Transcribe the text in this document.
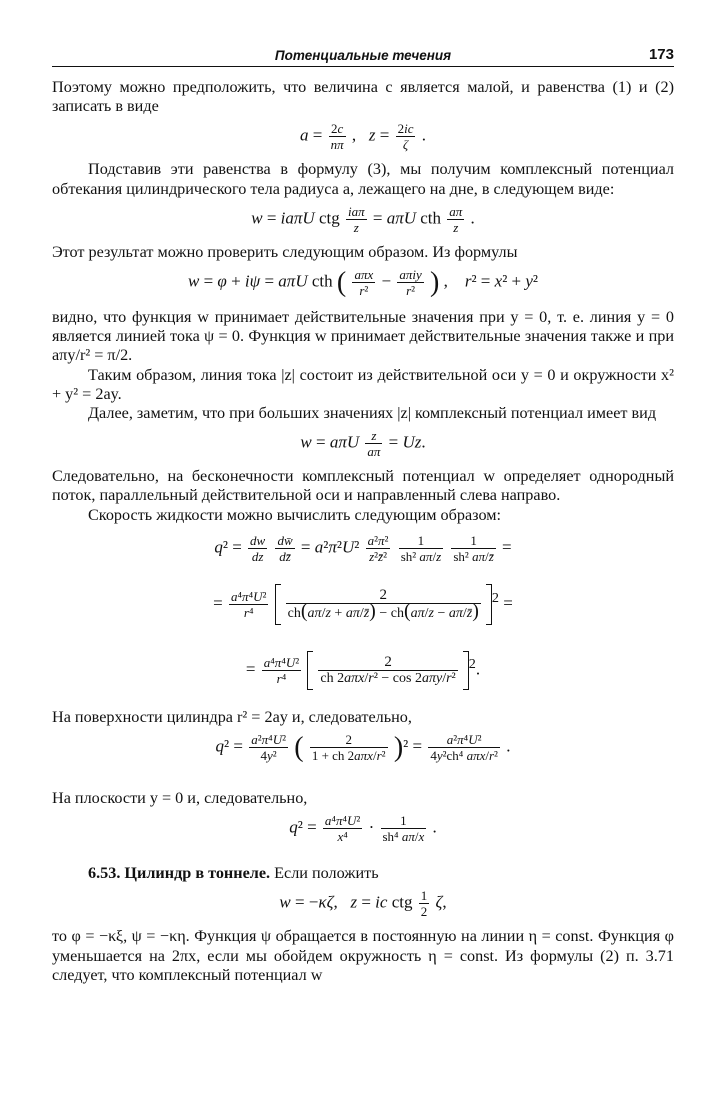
Потенциальные течения	173

Поэтому можно предположить, что величина c является малой, и равенства (1) и (2) записать в виде

$a = \frac{2c}{n\pi}$ ,   $z = \frac{2ic}{\zeta}$ .

Подставив эти равенства в формулу (3), мы получим комплексный потенциал обтекания цилиндрического тела радиуса a, лежащего на дне, в следующем виде:

w = iaπU ctg iaπ
z
= aπU cth $\frac{a\pi}{z}$ .

Этот результат можно проверить следующим образом. Из формулы

w = φ + iψ = aπU cth ( aπx
r²
− aπiy
r² ) ,    r² = x² + y²

видно, что функция w принимает действительные значения при y = 0, т. е. линия y = 0 является линией тока ψ = 0. Функция w принимает действительные значения также и при aπy/r² = π/2.

Таким образом, линия тока |z| состоит из действительной оси y = 0 и окружности x² + y² = 2ay.

Далее, заметим, что при больших значениях |z| комплексный потенциал имеет вид

w = aπU $\frac{z}{a\pi} = Uz$.

Следовательно, на бесконечности комплексный потенциал w определяет однородный поток, параллельный действительной оси и направленный слева направо.

Скорость жидкости можно вычислить следующим образом:

$q^2 = \frac{dw}{dz}$
$\frac{dw̄}{dz̄} = a^2\pi^2U^2 \frac{\text{a²π²}}{\text{z²z̄²}}$
$\frac{1}{\text{sh² aπ/z}}$
$\frac{1}{\text{sh² aπ/z̄}}$ =
= $\frac{\text{a⁴π⁴U²}}{\text{r⁴}}$
$\frac{2}{ch(a\pi/z + a\pi/z̄) - ch(a\pi/z - a\pi/z̄)} ^2$ =
= $\frac{\text{a⁴π⁴U²}}{\text{r⁴}}$
	2
ch 2aπx/r² − cos 2aπy/r²
$^2$.

На поверхности цилиндра r² = 2ay и, следовательно,

$q^2 = \frac{\text{a²π⁴U²}}{\text{4y²}}$ (	2
1 + ch 2aπx/r² )² =	a²π⁴U²
4y²ch⁴ aπx/r²
.

На плоскости y = 0 и, следовательно,

$q^2 = \frac{\text{a⁴π⁴U²}}{\text{x⁴}} \cdot \frac{1}{\text{sh⁴ aπ/x}}$ .

6.53. Цилиндр в тоннеле. Если положить

w = −κζ,   z = ic ctg $\frac{1}{2} \zeta$,

то φ = −κξ, ψ = −κη. Функция ψ обращается в постоянную на линии η = const. Функция φ уменьшается на 2πx, если мы обойдем окружность η = const. Из формулы (2) п. 3.71 следует, что комплексный потенциал w
